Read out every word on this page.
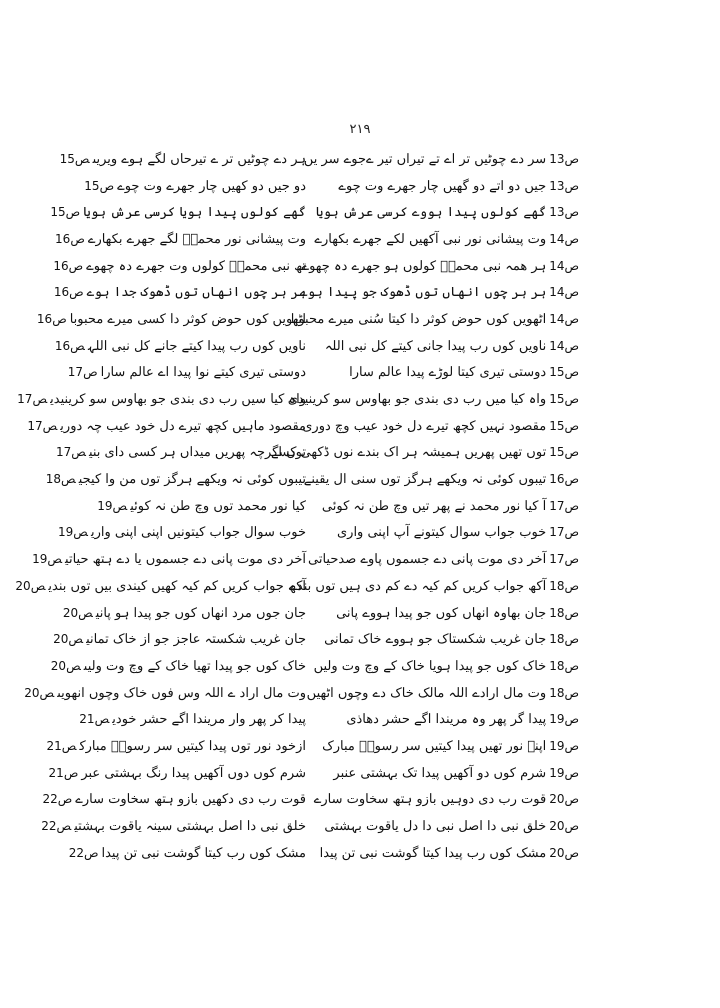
۲۱۹
ہر دے چوٹیں تر ے تیرحاں لگے ہوے ویریںص15	ص13سر دے چوٹیں تر اے تے تیراں تیر ےجوے سر یں
دو جیں دو کھیں چار جھرے وت چوےص15	ص13جیں دو اتے دو گھیں چار جھرے وت چوے
گھے کولوں پیدا ہویا کرسی عرش ہویاص15	ص13گھے کولوں پیدا ہووے کرسی عرش ہویا
وت پیشانی نور محمدؐ لگے جھرے بکھارےص16	ص14وت پیشانی نور نبی آکھیں لکے جھرے بکھارے
تھ نبی محمدؐ کولوں وت جھرے دہ چھوےص16	ص14ہر ھمہ نبی محمدؐ کولوں ہو جھرے دہ چھوے
ہر ہر چوں انھاں توں ڈھوک جدا ہوےص16	ص14ہر ہر چوں انھاں توں ڈھوک جو پیدا ہوے
اٹھویں کوں حوض کوثر دا کسی میرے محبوباص16	ص14اٹھویں کوں حوض کوثر دا کیتا سُنی میرے محبوبا
ناویں کوں رب پیدا کیتے جانے کل نبی اللہص16	ص14ناویں کوں رب پیدا جانی کیتے کل نبی اللہ
دوستی تیری کیتے نوا پیدا اے عالم ساراص17	ص15دوستی تیری کیتا لوڑے پیدا عالم سارا
واہ کیا سیں رب دی بندی جو بھاوس سو کرینیدیص17	ص15واہ کیا میں رب دی بندی جو بھاوس سو کرینیدی
مقصود ماہیں کچھ تیرے دل خود عیب چہ دوریص17	ص15مقصود نہیں کچھ تیرے دل خود عیب وچ دوری
توں اگرچہ پھریں میداں ہر کسی دای بنیص17	ص15توں تھیں پھریں ہمیشہ ہر اک بندے نوں ڈکھی کسے
تیبوں کوئی نہ ویکھے ہرگز توں من وا کیجیص18	ص16تیبوں کوئی نہ ویکھے ہرگز توں سنی ال یقینے
کیا نور محمد توں وچ طن نہ کوئیص19	ص17آ کیا نور محمد نے پھر تیں وچ طن نہ کوئی
خوب سوال جواب کیتونیں اپنی اپنی واریص19	ص17خوب جواب سوال کیتونے آپ اپنی واری
آخر دی موت پانی دے جسموں یا دے ہتھ حیاتیص19	ص17آخر دی موت پانی دے جسموں پاوے صدحیاتی
آکھ جواب کریں کم کیہ کھیں کیندی بیں توں بندیص20	ص18آکھ جواب کریں کم کیہ دے کم دی ہیں توں بندے
جان جوں مرد انھاں کوں جو پیدا ہو پانیص20	ص18جان بھاوہ انھاں کوں جو پیدا ہووے پانی
جان غریب شکستہ عاجز جو از خاک تمانیص20	ص18جان غریب شکستاک جو ہووے خاک تمانی
خاک کوں جو پیدا تھیا خاک کے وچ وت ولیںص20	ص18خاک کوں جو پیدا ہویا خاک کے وچ وت ولیں
وت مال اراد ے اللہ وس فوں خاک وچوں انھویںص20	ص18وت مال ارادے اللہ مالک خاک دے وچوں اٹھیں
پیدا کر پھر وار مریندا اگے حشر خودیص21	ص19پیدا گر پھر وہ مریندا اگے حشر دھاذی
ازخود نور توں پیدا کیتیں سر رسولؐ مبارکص21	ص19اپنے نور تھیں پیدا کیتیں سر رسولؐ مبارک
شرم کوں دوں آکھیں پیدا رنگ بہشتی عبرص21	ص19شرم کوں دو آکھیں پیدا تک بہشتی عنبر
قوت رب دی دکھیں بازو ہتھ سخاوت سارےص22	ص20قوت رب دی دوہیں بازو ہتھ سخاوت سارے
خلق نبی دا اصل بہشتی سینہ یاقوت بہشتیص22	ص20خلق نبی دا اصل نبی دا دل یاقوت بہشتی
مشک کوں رب کیتا گوشت نبی تن پیداص22	ص20مشک کوں رب پیدا کیتا گوشت نبی تن پیدا
